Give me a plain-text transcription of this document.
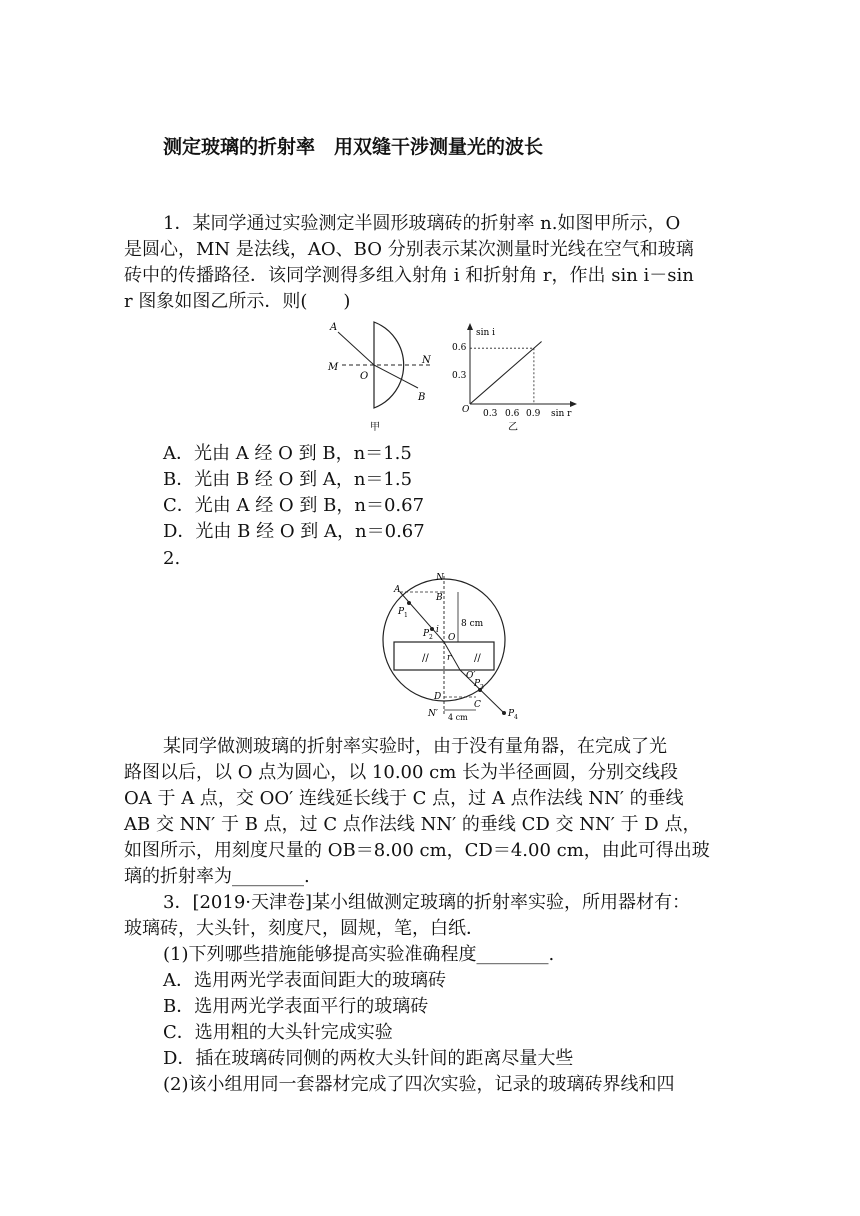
测定玻璃的折射率　用双缝干涉测量光的波长
1．某同学通过实验测定半圆形玻璃砖的折射率 n.如图甲所示，O
是圆心，MN 是法线，AO、BO 分别表示某次测量时光线在空气和玻璃
砖中的传播路径．该同学测得多组入射角 i 和折射角 r，作出 sin i－sin
r 图象如图乙所示．则(　　)
A
M
O
N
B
甲
sin i
sin r
O 0.3 0.6 0.9
0.3
0.6
乙
A．光由 A 经 O 到 B，n＝1.5
B．光由 B 经 O 到 A，n＝1.5
C．光由 A 经 O 到 B，n＝0.67
D．光由 B 经 O 到 A，n＝0.67
2.
//	//
N
A
B
P 1
P 2
i
O
r
O′
P 3
D
C
N′	P 4
8 cm
4 cm
某同学做测玻璃的折射率实验时，由于没有量角器，在完成了光
路图以后，以 O 点为圆心，以 10.00 cm 长为半径画圆，分别交线段
OA 于 A 点，交 OO′ 连线延长线于 C 点，过 A 点作法线 NN′ 的垂线
AB 交 NN′ 于 B 点，过 C 点作法线 NN′ 的垂线 CD 交 NN′ 于 D 点，
如图所示，用刻度尺量的 OB＝8.00 cm，CD＝4.00 cm，由此可得出玻
璃的折射率为________.
3．[2019·天津卷]某小组做测定玻璃的折射率实验，所用器材有：
玻璃砖，大头针，刻度尺，圆规，笔，白纸．
(1)下列哪些措施能够提高实验准确程度________.
A．选用两光学表面间距大的玻璃砖
B．选用两光学表面平行的玻璃砖
C．选用粗的大头针完成实验
D．插在玻璃砖同侧的两枚大头针间的距离尽量大些
(2)该小组用同一套器材完成了四次实验，记录的玻璃砖界线和四
